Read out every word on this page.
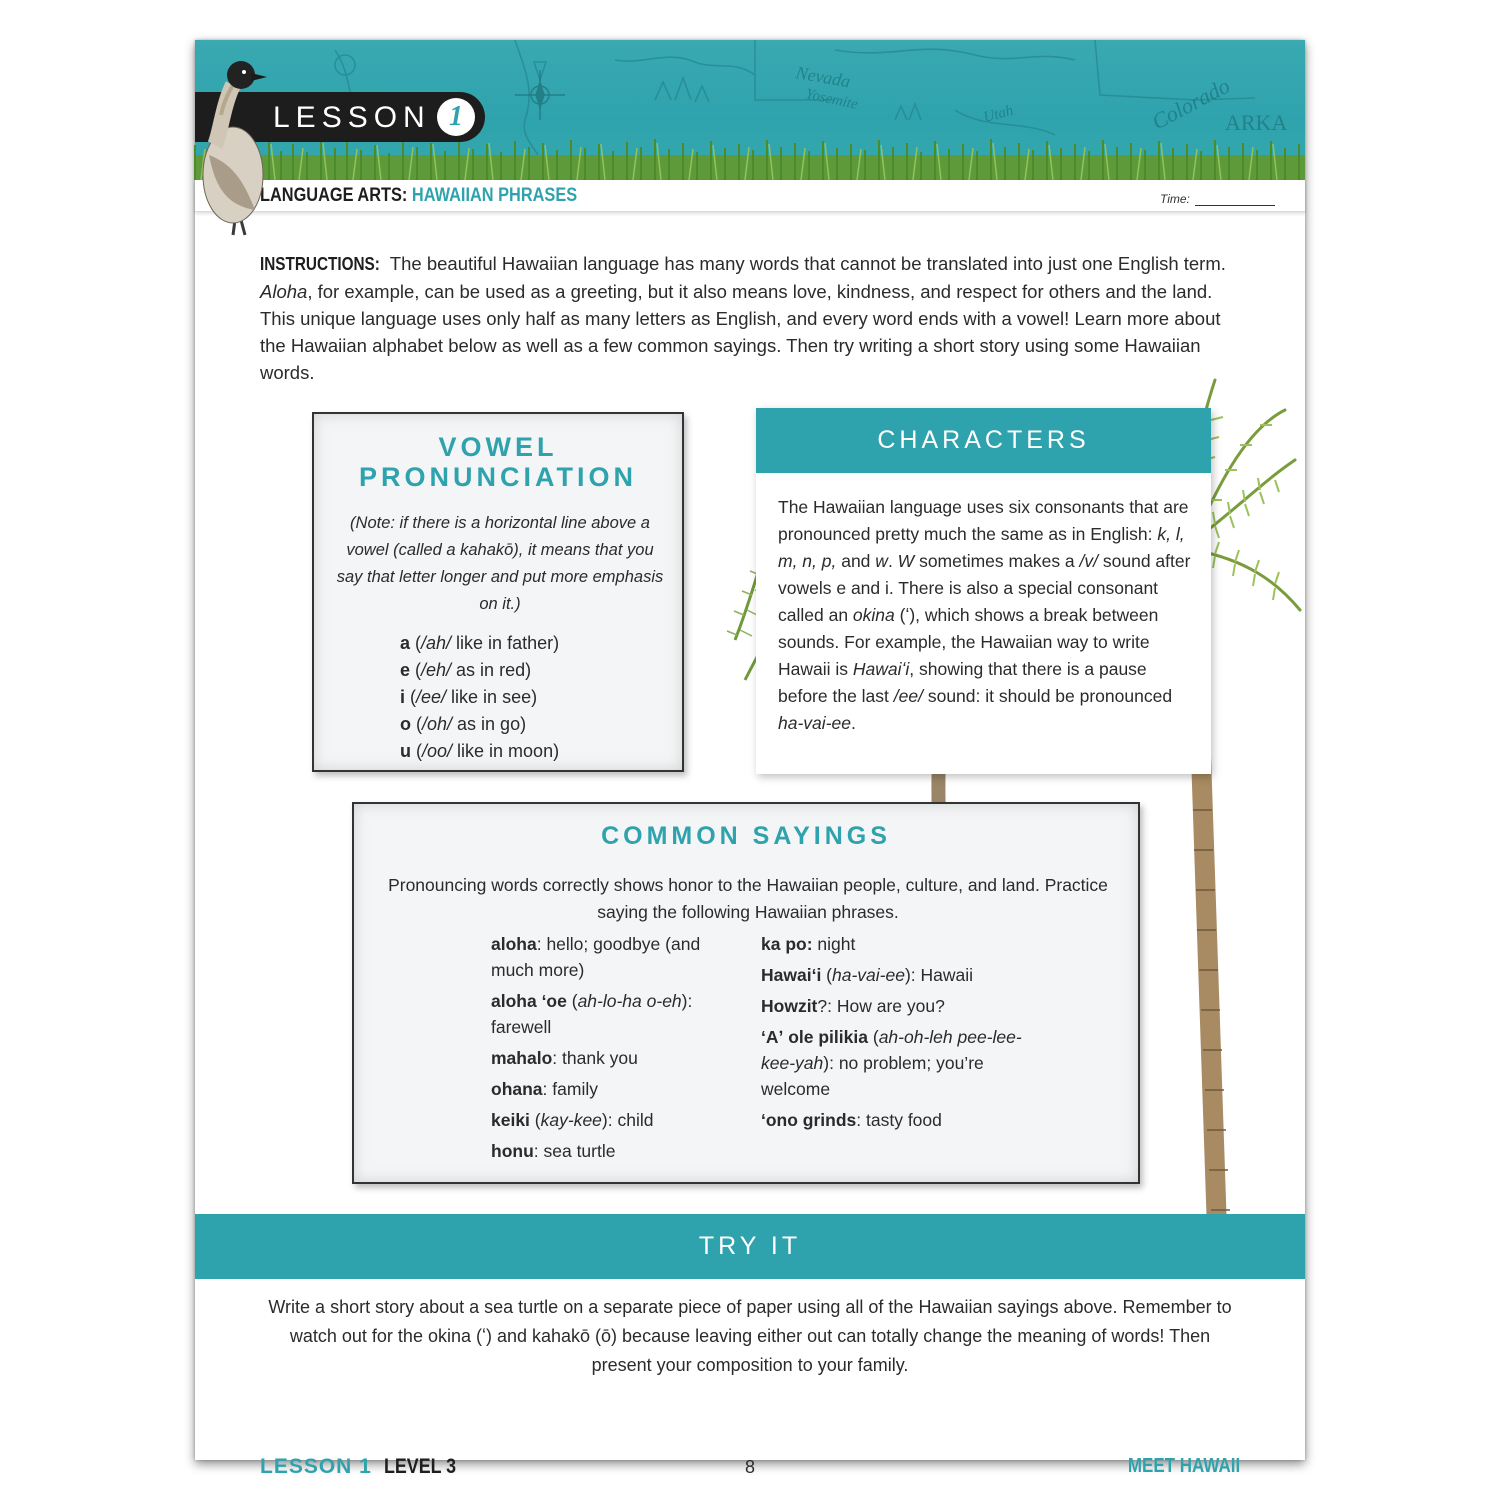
Nevada
Yosemite
Utah	Colorado
ARKA
LESSON 1
LANGUAGE ARTS: HAWAIIAN PHRASES	Time:

INSTRUCTIONS: The beautiful Hawaiian language has many words that cannot be translated into just one English term. Aloha, for example, can be used as a greeting, but it also means love, kindness, and respect for others and the land. This unique language uses only half as many letters as English, and every word ends with a vowel! Learn more about the Hawaiian alphabet below as well as a few common sayings. Then try writing a short story using some Hawaiian words.

VOWEL
PRONUNCIATION

(Note: if there is a horizontal line above a vowel (called a kahakō), it means that you say that letter longer and put more emphasis on it.)

a (/ah/ like in father)
e (/eh/ as in red)
i (/ee/ like in see)
o (/oh/ as in go)
u (/oo/ like in moon)
CHARACTERS

The Hawaiian language uses six consonants that are pronounced pretty much the same as in English: k, l, m, n, p, and w. W sometimes makes a /v/ sound after vowels e and i. There is also a special consonant called an okina (ʻ), which shows a break between sounds. For example, the Hawaiian way to write Hawaii is Hawaiʻi, showing that there is a pause before the last /ee/ sound: it should be pronounced ha-vai-ee.

COMMON SAYINGS

Pronouncing words correctly shows honor to the Hawaiian people, culture, and land. Practice saying the following Hawaiian phrases.

aloha: hello; goodbye (and much more)
aloha ʻoe (ah-lo-ha o-eh): farewell
mahalo: thank you
ohana: family
keiki (kay-kee): child
honu: sea turtle
ka po: night
Hawaiʻi (ha-vai-ee): Hawaii
Howzit?: How are you?
ʻAʼ ole pilikia (ah-oh-leh pee-lee-kee-yah): no problem; you’re welcome
ʻono grinds: tasty food
TRY IT

Write a short story about a sea turtle on a separate piece of paper using all of the Hawaiian sayings above. Remember to watch out for the okina (ʻ) and kahakō (ō) because leaving either out can totally change the meaning of words! Then present your composition to your family.

LESSON 1 LEVEL 3	8	MEET HAWAII
